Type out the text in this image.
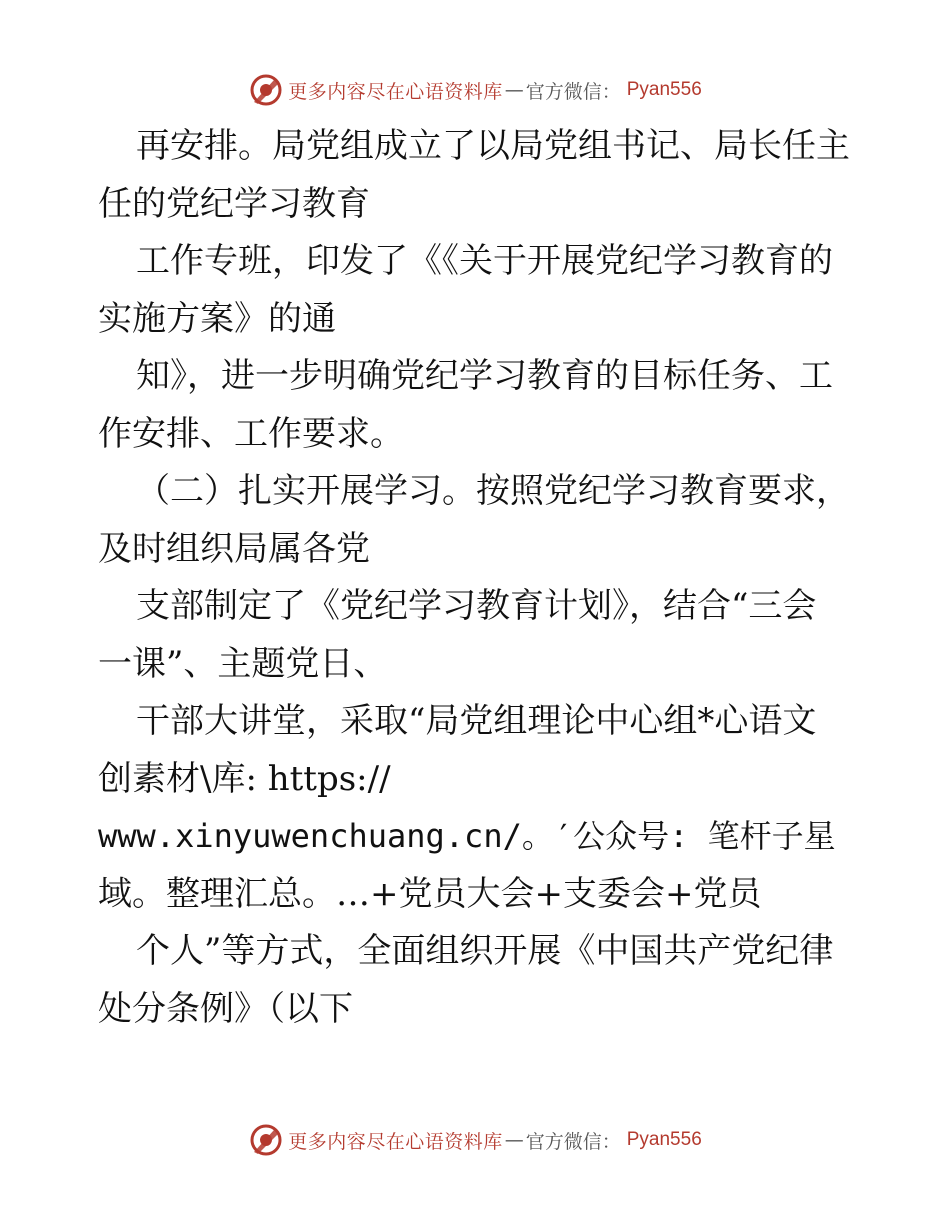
更多内容尽在心语资料库 — 官方微信： Pyan556
再安排。局党组成立了以局党组书记、局长任主
任的党纪学习教育
工作专班，印发了《《关于开展党纪学习教育的
实施方案》的通
知》，进一步明确党纪学习教育的目标任务、工
作安排、工作要求。
（二）扎实开展学习。按照党纪学习教育要求，
及时组织局属各党
支部制定了《党纪学习教育计划》，结合“三会
一课”、主题党日、
干部大讲堂，采取“局党组理论中心组*心语文
创素材\库: https://
www.xinyuwenchuang.cn/。′公众号: 笔杆子星
域。整理汇总。…+党员大会+支委会+党员
个人”等方式，全面组织开展《中国共产党纪律
处分条例》（以下
更多内容尽在心语资料库 — 官方微信： Pyan556
